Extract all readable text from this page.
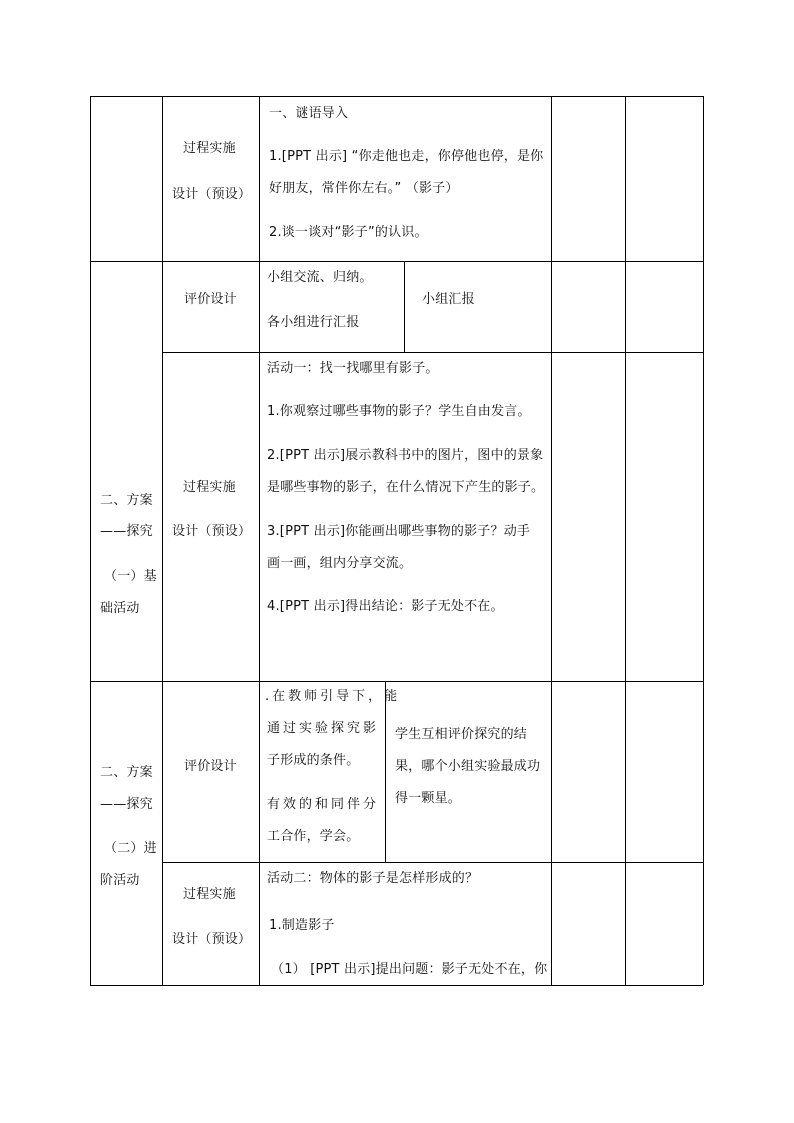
过程实施
设计（预设）
一、谜语导入
1.[PPT 出示] “你走他也走，你停他也停，是你
好朋友，常伴你左右。” （影子）
2.谈一谈对“影子”的认识。
评价设计
小组交流、归纳。
各小组进行汇报
小组汇报
二、方案
——探究
（一）基
础活动
过程实施
设计（预设）
活动一：找一找哪里有影子。
1.你观察过哪些事物的影子？学生自由发言。
2.[PPT 出示]展示教科书中的图片，图中的景象
是哪些事物的影子，在什么情况下产生的影子。
3.[PPT 出示]你能画出哪些事物的影子？动手
画一画，组内分享交流。
4.[PPT 出示]得出结论：影子无处不在。
二、方案
——探究
（二）进
阶活动
评价设计
.在教师引导下，能
通过实验探究影
子形成的条件。
有效的和同伴分
工合作，学会。
学生互相评价探究的结
果，哪个小组实验最成功
得一颗星。
过程实施
设计（预设）
活动二：物体的影子是怎样形成的？
1.制造影子
（1） [PPT 出示]提出问题：影子无处不在，你
